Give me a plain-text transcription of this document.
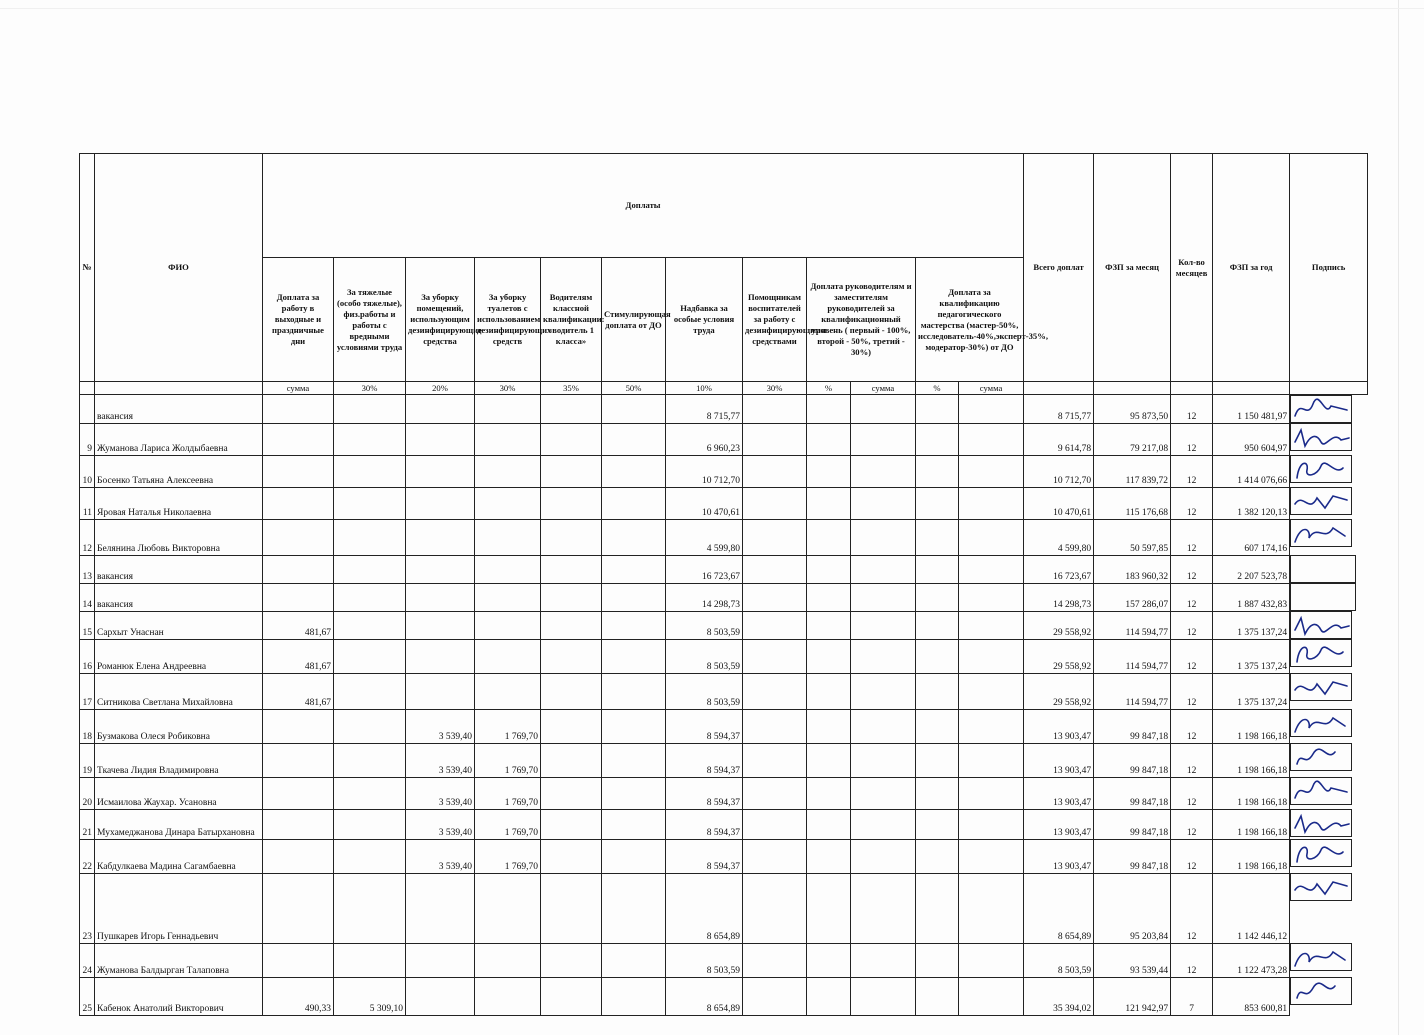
№	ФИО	Доплаты												Всего доплат	ФЗП за месяц	Кол-во месяцев	ФЗП за год	Подпись
		Доплата за работу в выходные и праздничные дни	За тяжелые (особо тяжелые), физ.работы и работы с вредными условиями труда	За уборку помещений, использующим дезинфицирующие средства	За уборку туалетов с использованием дезинфицирующих средств	Водителям классной квалификации: «водитель 1 класса»	Стимулирующая доплата от ДО	Надбавка за особые условия труда	Помощникам воспитателей за работу с дезинфицирующими средствами	Доплата руководителям и заместителям руководителей за квалификационный уровень ( первый - 100%, второй - 50%, третий - 30%)		Доплата за квалификацию педагогического мастерства (мастер-50%, исследователь-40%,эксперт-35%, модератор-30%) от ДО						
		сумма	30%	20%	30%	35%	50%	10%	30%	%	сумма	%	сумма					
	вакансия							8 715,77						8 715,77	95 873,50	12	1 150 481,97	

9	Жуманова Лариса Жолдыбаевна							6 960,23						9 614,78	79 217,08	12	950 604,97	

10	Босенко Татьяна Алексеевна							10 712,70						10 712,70	117 839,72	12	1 414 076,66	

11	Яровая Наталья Николаевна							10 470,61						10 470,61	115 176,68	12	1 382 120,13	

12	Белянина Любовь Викторовна							4 599,80						4 599,80	50 597,85	12	607 174,16	

13	вакансия							16 723,67						16 723,67	183 960,32	12	2 207 523,78	

14	вакансия							14 298,73						14 298,73	157 286,07	12	1 887 432,83	

15	Сархыт Унаснан	481,67						8 503,59						29 558,92	114 594,77	12	1 375 137,24	

16	Романюк Елена Андреевна	481,67						8 503,59						29 558,92	114 594,77	12	1 375 137,24	

17	Ситникова Светлана Михайловна	481,67						8 503,59						29 558,92	114 594,77	12	1 375 137,24	

18	Бузмакова Олеся Робиковна			3 539,40	1 769,70			8 594,37						13 903,47	99 847,18	12	1 198 166,18	

19	Ткачева Лидия Владимировна			3 539,40	1 769,70			8 594,37						13 903,47	99 847,18	12	1 198 166,18	

20	Исмаилова Жаухар. Усановна			3 539,40	1 769,70			8 594,37						13 903,47	99 847,18	12	1 198 166,18	

21	Мухамеджанова Динара Батырхановна			3 539,40	1 769,70			8 594,37						13 903,47	99 847,18	12	1 198 166,18	

22	Кабдулкаева Мадина Сагамбаевна			3 539,40	1 769,70			8 594,37						13 903,47	99 847,18	12	1 198 166,18	

23	Пушкарев Игорь Геннадьевич							8 654,89						8 654,89	95 203,84	12	1 142 446,12	

24	Жуманова Балдырган Талаповна							8 503,59						8 503,59	93 539,44	12	1 122 473,28	

25	Кабенок Анатолий Викторович	490,33	5 309,10					8 654,89						35 394,02	121 942,97	7	853 600,81	
